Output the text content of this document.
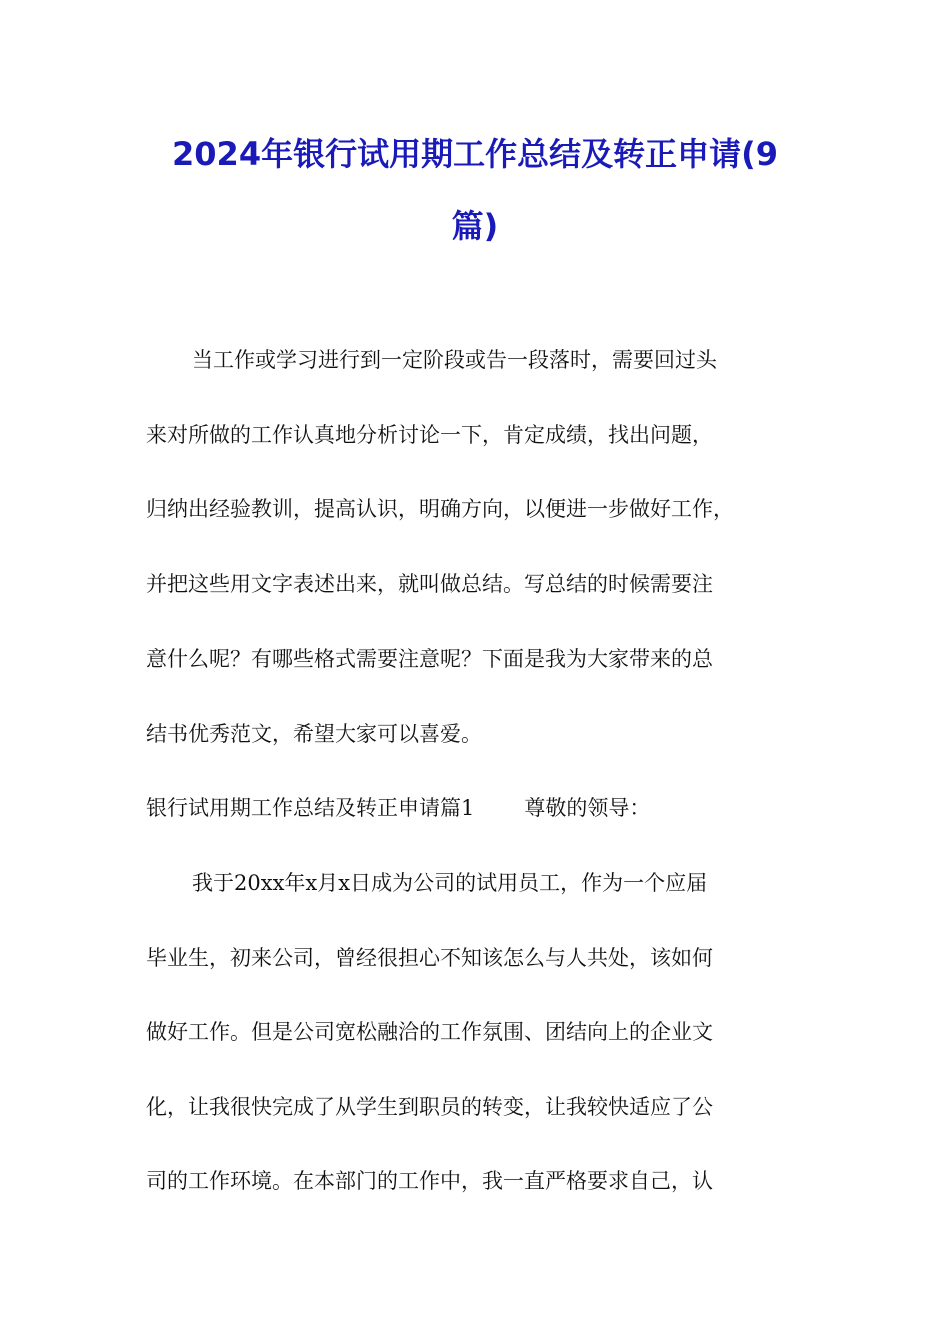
2024年银行试用期工作总结及转正申请(9
篇)

当工作或学习进行到一定阶段或告一段落时，需要回过头

来对所做的工作认真地分析讨论一下，肯定成绩，找出问题，

归纳出经验教训，提高认识，明确方向，以便进一步做好工作，

并把这些用文字表述出来，就叫做总结。写总结的时候需要注

意什么呢？有哪些格式需要注意呢？下面是我为大家带来的总

结书优秀范文，希望大家可以喜爱。

银行试用期工作总结及转正申请篇1 尊敬的领导：

我于20xx年x月x日成为公司的试用员工，作为一个应届

毕业生，初来公司，曾经很担心不知该怎么与人共处，该如何

做好工作。但是公司宽松融洽的工作氛围、团结向上的企业文

化，让我很快完成了从学生到职员的转变，让我较快适应了公

司的工作环境。在本部门的工作中，我一直严格要求自己，认
